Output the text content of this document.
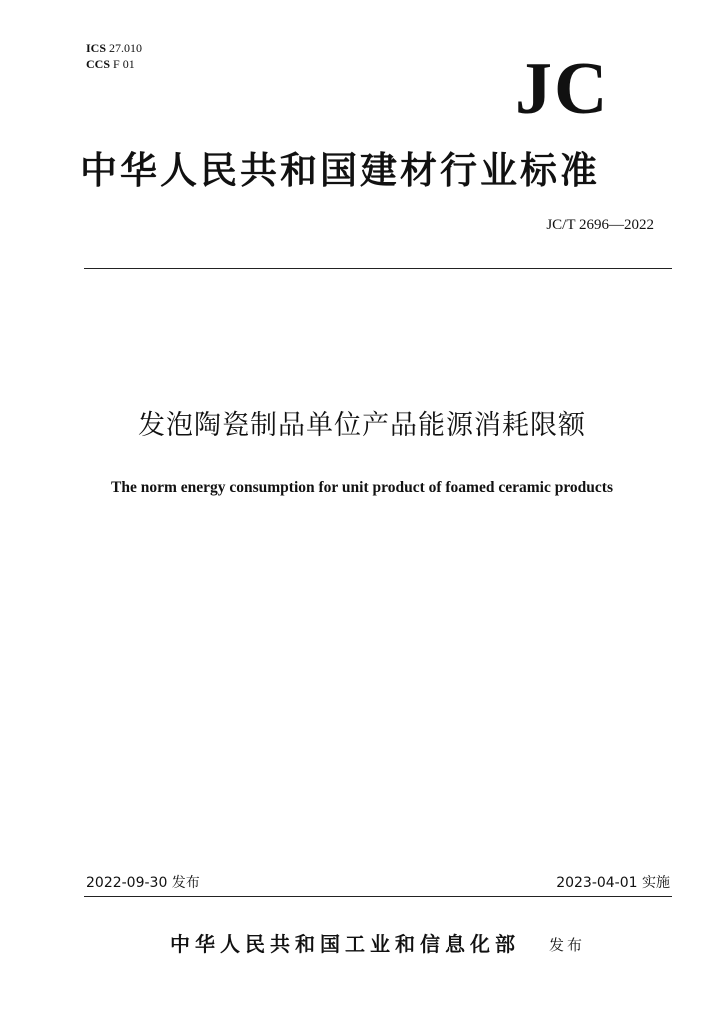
ICS 27.010
CCS F 01	JC
中华人民共和国建材行业标准
JC/T 2696—2022
发泡陶瓷制品单位产品能源消耗限额
The norm energy consumption for unit product of foamed ceramic products
2022-09-30 发布	2023-04-01 实施
中华人民共和国工业和信息化部 发布
